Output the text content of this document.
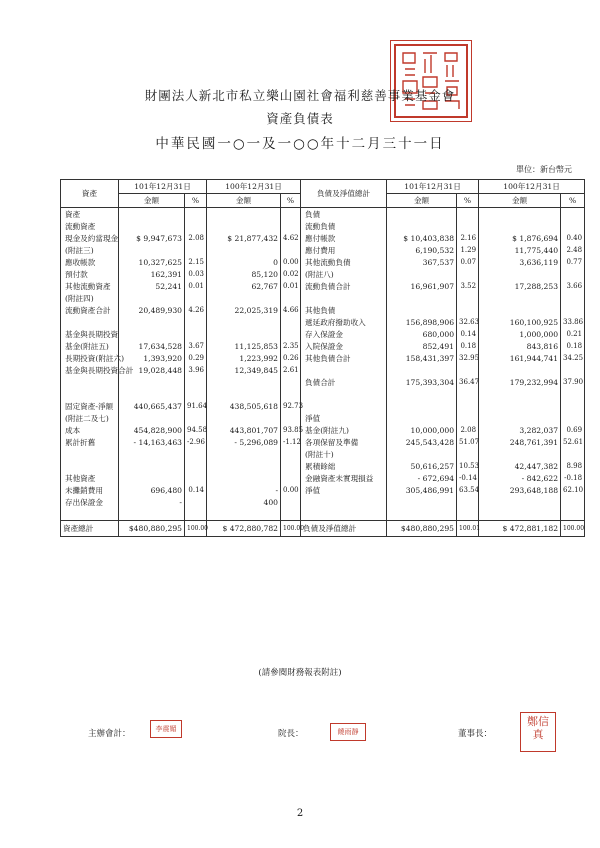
財團法人新北市私立樂山園社會福利慈善事業基金會
資產負債表
中華民國一○一及一○○年十二月三十一日
單位：新台幣元
資產	101年12月31日		100年12月31日		負債及淨值總計	101年12月31日		100年12月31日	
	金額	%	金額	%		金額	%	金額	%
資產					負債				
流動資產					流動負債				
現金及約當現金	$ 9,947,673	2.08	$ 21,877,432	4.62	應付帳款	$ 10,403,838	2.16	$ 1,876,694	0.40
(附註三)					應付費用	6,190,532	1.29	11,775,440	2.48
應收帳款	10,327,625	2.15	0	0.00	其他流動負債	367,537	0.07	3,636,119	0.77
預付款	162,391	0.03	85,120	0.02	(附註八)				
其他流動資產	52,241	0.01	62,767	0.01	流動負債合計	16,961,907	3.52	17,288,253	3.66
(附註四)									
流動資產合計	20,489,930	4.26	22,025,319	4.66	其他負債				
					遞延政府撥助收入	156,898,906	32.63	160,100,925	33.86
基金與長期投資					存入保證金	680,000	0.14	1,000,000	0.21
基金(附註五)	17,634,528	3.67	11,125,853	2.35	入院保證金	852,491	0.18	843,816	0.18
長期投資(附註六)	1,393,920	0.29	1,223,992	0.26	其他負債合計	158,431,397	32.95	161,944,741	34.25
基金與長期投資合計	19,028,448	3.96	12,349,845	2.61					
					負債合計	175,393,304	36.47	179,232,994	37.90

固定資產-淨額	440,665,437	91.64	438,505,618	92.73					
(附註二及七)					淨值				
成本	454,828,900	94.58	443,801,707	93.85	基金(附註九)	10,000,000	2.08	3,282,037	0.69
累計折舊	- 14,163,463	-2.96	- 5,296,089	-1.12	各項保留及準備	245,543,428	51.07	248,761,391	52.61
					(附註十)				
					累積餘絀	50,616,257	10.53	42,447,382	8.98
其他資產					金融資產未實現損益	- 672,694	-0.14	- 842,622	-0.18
未攤銷費用	696,480	0.14	-	0.00	淨值	305,486,991	63.54	293,648,188	62.10
存出保證金	-		400						

資產總計	$480,880,295	100.00	$ 472,880,782	100.00	負債及淨值總計	$480,880,295	100.01	$ 472,881,182	100.00
(請參閱財務報表附註)
主辦會計：	李震媚	院長：	饒雨靜	董事長：
鄭信真
2
